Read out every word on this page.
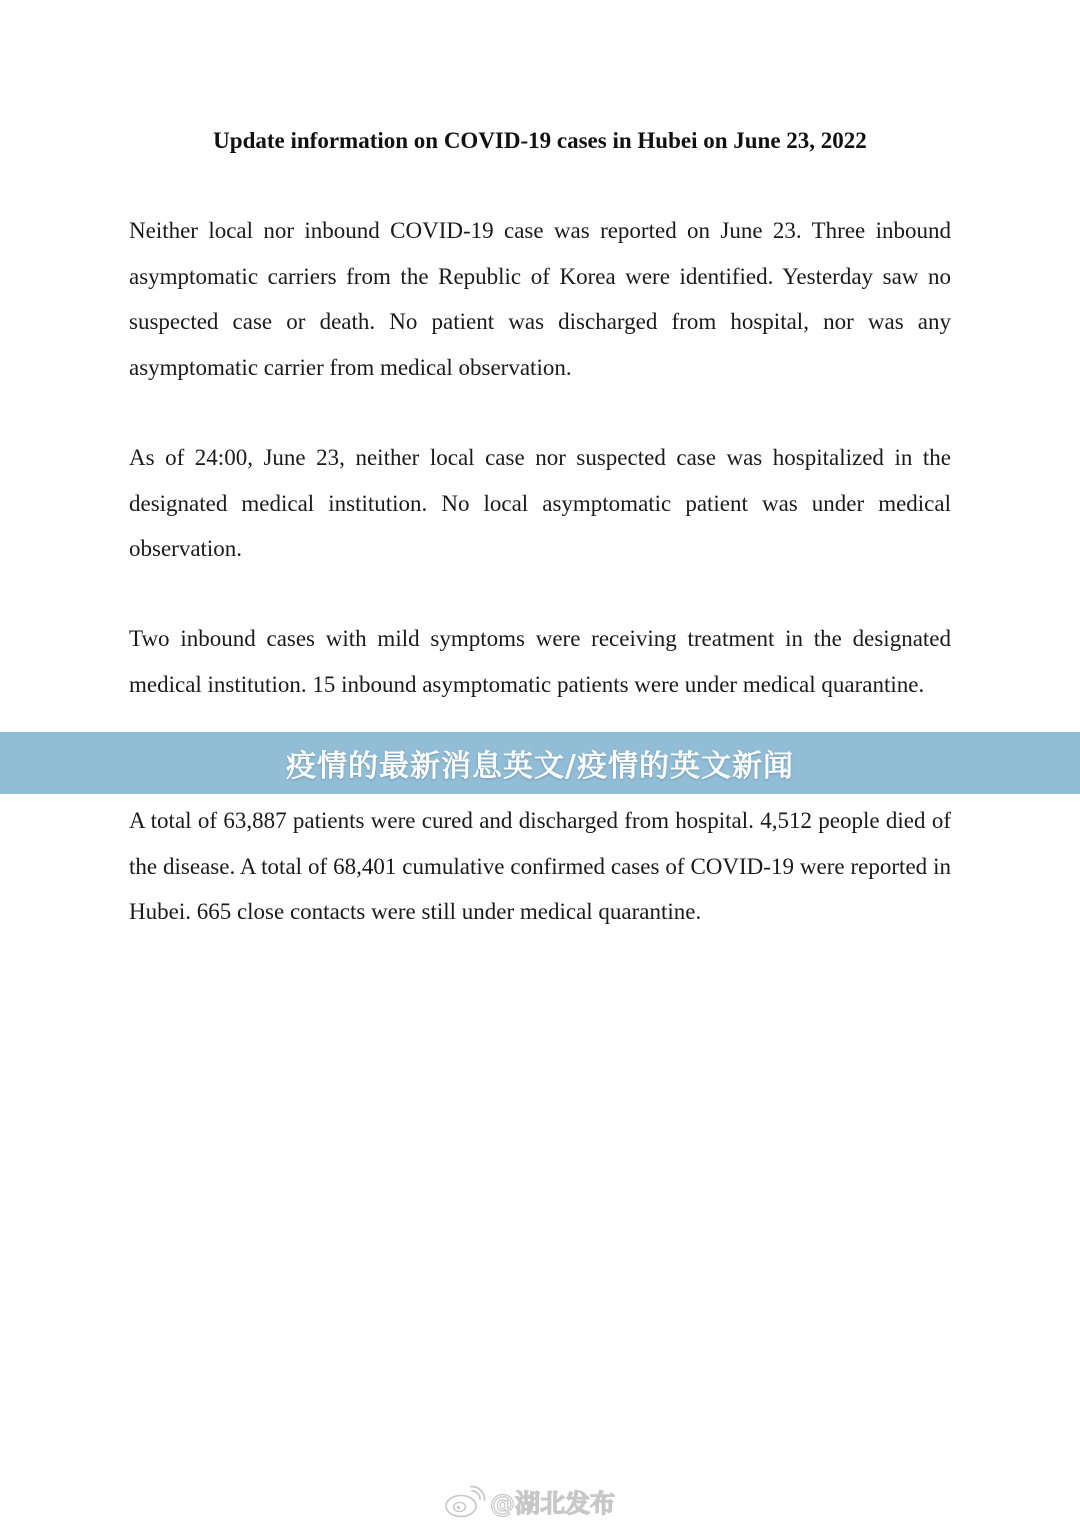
Update information on COVID-19 cases in Hubei on June 23, 2022

Neither local nor inbound COVID-19 case was reported on June 23. Three inbound asymptomatic carriers from the Republic of Korea were identified. Yesterday saw no suspected case or death. No patient was discharged from hospital, nor was any asymptomatic carrier from medical observation.

As of 24:00, June 23, neither local case nor suspected case was hospitalized in the designated medical institution. No local asymptomatic patient was under medical observation.

Two inbound cases with mild symptoms were receiving treatment in the designated medical institution. 15 inbound asymptomatic patients were under medical quarantine.

A total of 63,887 patients were cured and discharged from hospital. 4,512 people died of the disease. A total of 68,401 cumulative confirmed cases of COVID-19 were reported in Hubei. 665 close contacts were still under medical quarantine.

疫情的最新消息英文/疫情的英文新闻
@湖北发布
